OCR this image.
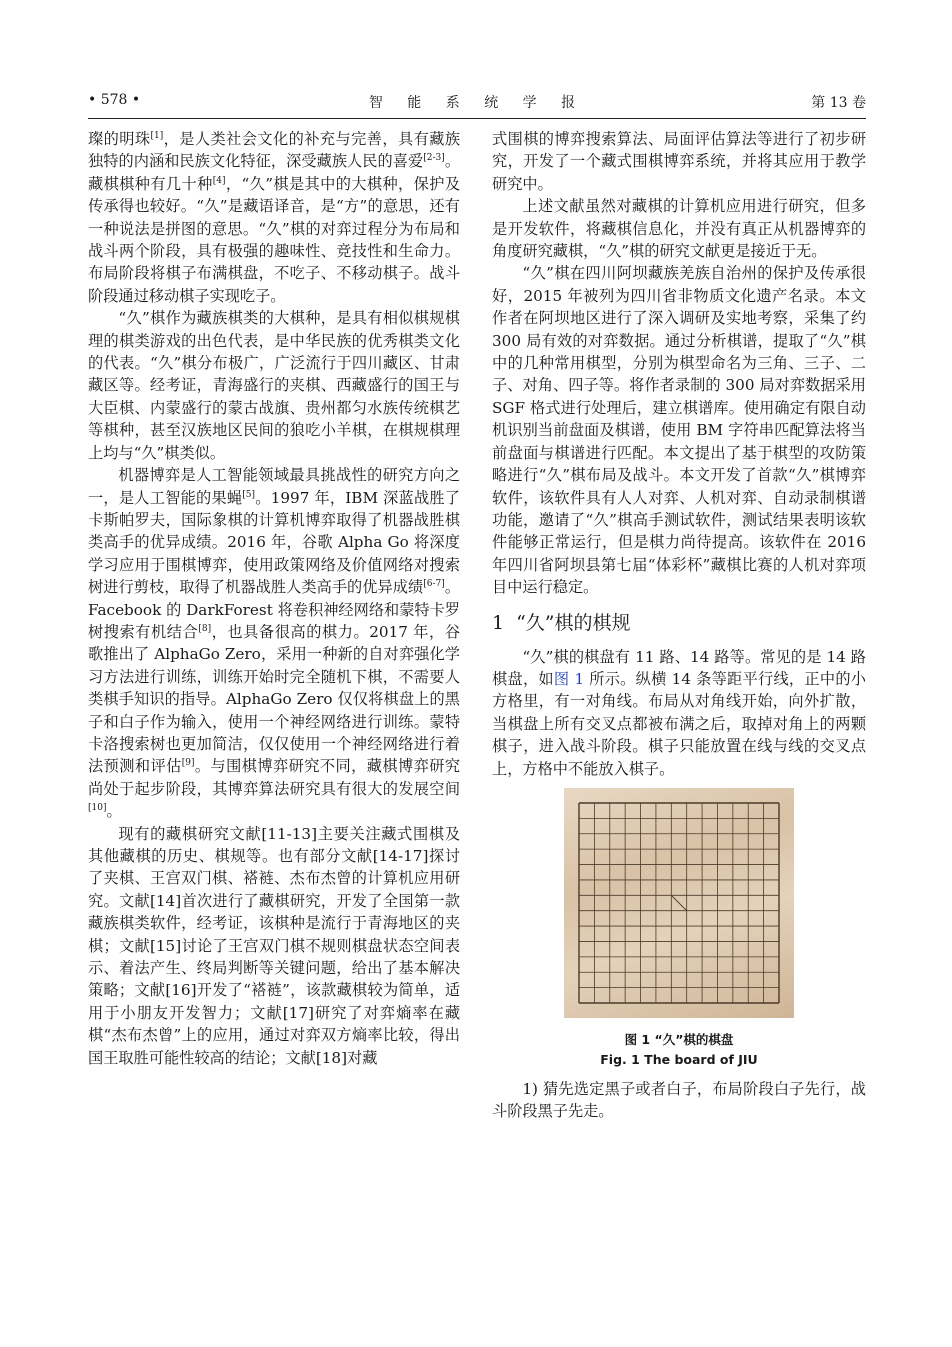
• 578 •	智 能 系 统 学 报	第 13 卷

璨的明珠[1]，是人类社会文化的补充与完善，具有藏族独特的内涵和民族文化特征，深受藏族人民的喜爱[2-3]。藏棋棋种有几十种[4]，“久”棋是其中的大棋种，保护及传承得也较好。“久”是藏语译音，是“方”的意思，还有一种说法是拼图的意思。“久”棋的对弈过程分为布局和战斗两个阶段，具有极强的趣味性、竞技性和生命力。布局阶段将棋子布满棋盘，不吃子、不移动棋子。战斗阶段通过移动棋子实现吃子。

“久”棋作为藏族棋类的大棋种，是具有相似棋规棋理的棋类游戏的出色代表，是中华民族的优秀棋类文化的代表。“久”棋分布极广，广泛流行于四川藏区、甘肃藏区等。经考证，青海盛行的夹棋、西藏盛行的国王与大臣棋、内蒙盛行的蒙古战旗、贵州都匀水族传统棋艺等棋种，甚至汉族地区民间的狼吃小羊棋，在棋规棋理上均与“久”棋类似。

机器博弈是人工智能领域最具挑战性的研究方向之一，是人工智能的果蝇[5]。1997 年，IBM 深蓝战胜了卡斯帕罗夫，国际象棋的计算机博弈取得了机器战胜棋类高手的优异成绩。2016 年，谷歌 Alpha Go 将深度学习应用于围棋博弈，使用政策网络及价值网络对搜索树进行剪枝，取得了机器战胜人类高手的优异成绩[6-7]。Facebook 的 DarkForest 将卷积神经网络和蒙特卡罗树搜索有机结合[8]，也具备很高的棋力。2017 年，谷歌推出了 AlphaGo Zero，采用一种新的自对弈强化学习方法进行训练，训练开始时完全随机下棋，不需要人类棋手知识的指导。AlphaGo Zero 仅仅将棋盘上的黑子和白子作为输入，使用一个神经网络进行训练。蒙特卡洛搜索树也更加简洁，仅仅使用一个神经网络进行着法预测和评估[9]。与围棋博弈研究不同，藏棋博弈研究尚处于起步阶段，其博弈算法研究具有很大的发展空间[10]。

现有的藏棋研究文献[11-13]主要关注藏式围棋及其他藏棋的历史、棋规等。也有部分文献[14-17]探讨了夹棋、王宫双门棋、褡裢、杰布杰曾的计算机应用研究。文献[14]首次进行了藏棋研究，开发了全国第一款藏族棋类软件，经考证，该棋种是流行于青海地区的夹棋；文献[15]讨论了王宫双门棋不规则棋盘状态空间表示、着法产生、终局判断等关键问题，给出了基本解决策略；文献[16]开发了“褡裢”，该款藏棋较为简单，适用于小朋友开发智力；文献[17]研究了对弈熵率在藏棋“杰布杰曾”上的应用，通过对弈双方熵率比较，得出国王取胜可能性较高的结论；文献[18]对藏

式围棋的博弈搜索算法、局面评估算法等进行了初步研究，开发了一个藏式围棋博弈系统，并将其应用于教学研究中。

上述文献虽然对藏棋的计算机应用进行研究，但多是开发软件，将藏棋信息化，并没有真正从机器博弈的角度研究藏棋，“久”棋的研究文献更是接近于无。

“久”棋在四川阿坝藏族羌族自治州的保护及传承很好，2015 年被列为四川省非物质文化遗产名录。本文作者在阿坝地区进行了深入调研及实地考察，采集了约 300 局有效的对弈数据。通过分析棋谱，提取了“久”棋中的几种常用棋型，分别为棋型命名为三角、三子、二子、对角、四子等。将作者录制的 300 局对弈数据采用 SGF 格式进行处理后，建立棋谱库。使用确定有限自动机识别当前盘面及棋谱，使用 BM 字符串匹配算法将当前盘面与棋谱进行匹配。本文提出了基于棋型的攻防策略进行“久”棋布局及战斗。本文开发了首款“久”棋博弈软件，该软件具有人人对弈、人机对弈、自动录制棋谱功能，邀请了“久”棋高手测试软件，测试结果表明该软件能够正常运行，但是棋力尚待提高。该软件在 2016 年四川省阿坝县第七届“体彩杯”藏棋比赛的人机对弈项目中运行稳定。

1 “久”棋的棋规

“久”棋的棋盘有 11 路、14 路等。常见的是 14 路棋盘，如图 1 所示。纵横 14 条等距平行线，正中的小方格里，有一对角线。布局从对角线开始，向外扩散，当棋盘上所有交叉点都被布满之后，取掉对角上的两颗棋子，进入战斗阶段。棋子只能放置在线与线的交叉点上，方格中不能放入棋子。

图 1 “久”棋的棋盘
Fig. 1 The board of JIU

1) 猜先选定黑子或者白子，布局阶段白子先行，战斗阶段黑子先走。
